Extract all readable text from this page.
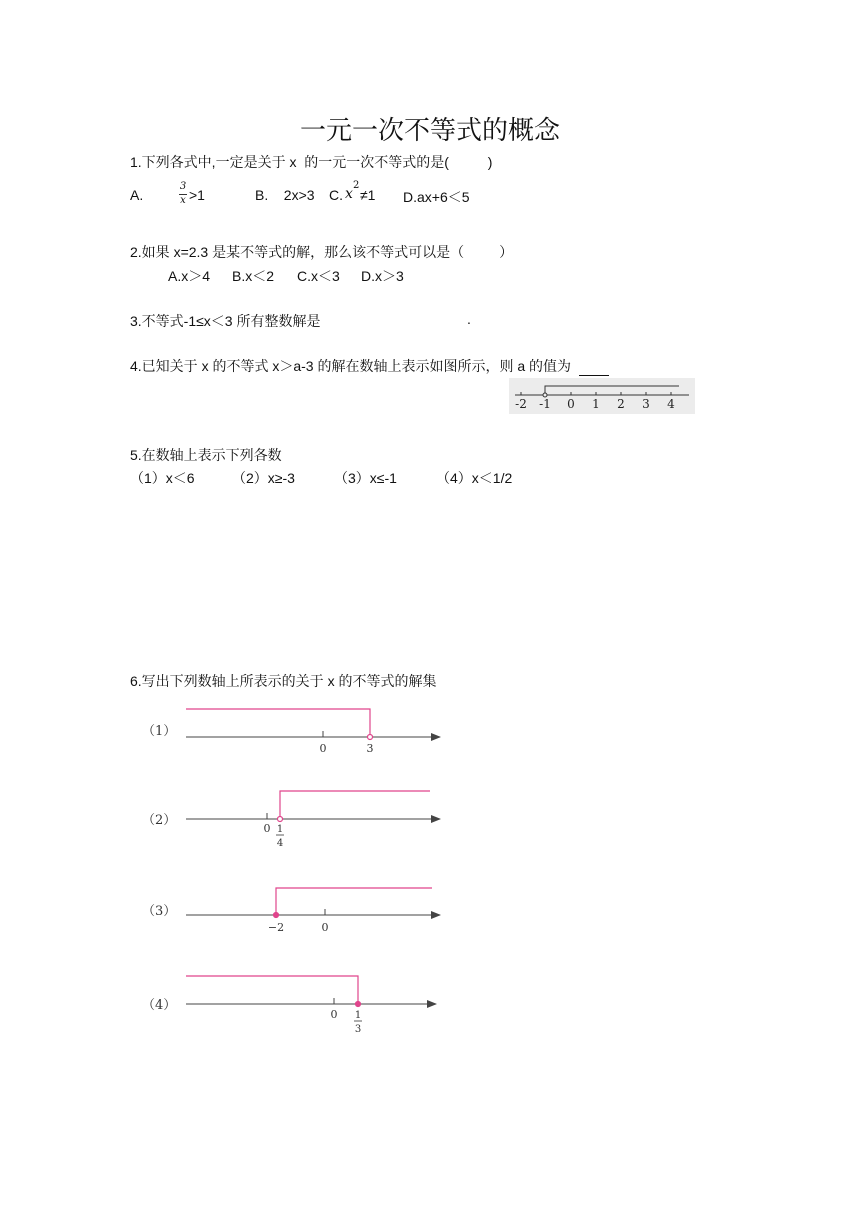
一元一次不等式的概念
1.下列各式中,一定是关于 x  的一元一次不等式的是(          )
A.
3
x >1	B.    2x>3 C. x
2
≠1 D.ax+6＜5
2.如果 x=2.3 是某不等式的解，那么该不等式可以是（         ）
A.x＞4 B.x＜2 C.x＜3 D.x＞3
3.不等式-1≤x＜3 所有整数解是	.
4.已知关于 x 的不等式 x＞a-3 的解在数轴上表示如图所示，则 a 的值为
-2 -1 0 1 2 3 4
5.在数轴上表示下列各数
（1）x＜6	（2）x≥-3	（3）x≤-1	（4）x＜1/2
6.写出下列数轴上所表示的关于 x 的不等式的解集
（1）
0	3
（2）
0 1
4
（3）
0
−2
（4）
0 1
3
